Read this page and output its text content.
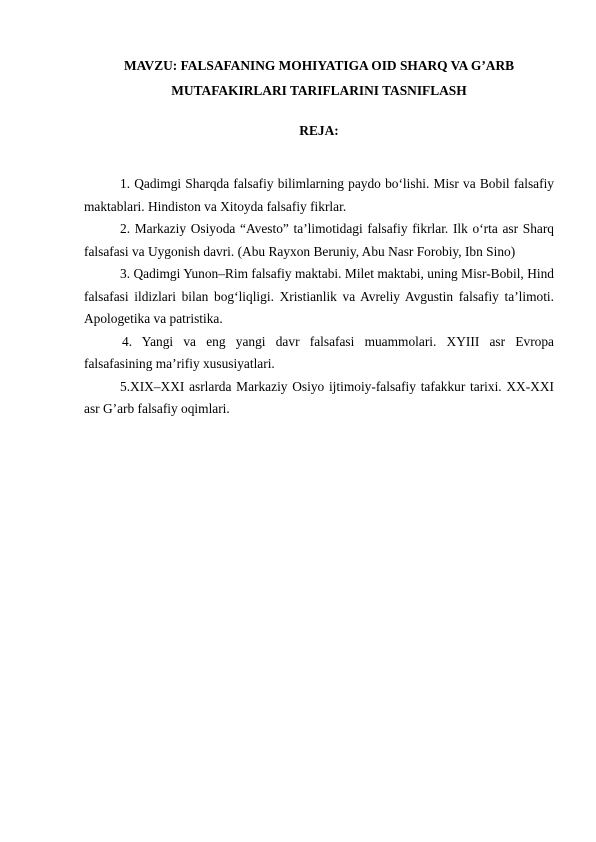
MAVZU: FALSAFANING MOHIYATIGA OID SHARQ VA G’ARB
MUTAFAKIRLARI TARIFLARINI TASNIFLASH
REJA:
1. Qadimgi Sharqda falsafiy bilimlarning paydo bo‘lishi. Misr va Bobil falsafiy maktablari. Hindiston va Xitoyda falsafiy fikrlar.
2. Markaziy Osiyoda “Avesto” ta’limotidagi falsafiy fikrlar. Ilk o‘rta asr Sharq falsafasi va Uygonish davri. (Abu Rayxon Beruniy, Abu Nasr Forobiy, Ibn Sino)
3. Qadimgi Yunon–Rim falsafiy maktabi. Milet maktabi, uning Misr-Bobil, Hind falsafasi ildizlari bilan bog‘liqligi. Xristianlik va Avreliy Avgustin falsafiy ta’limoti. Apologetika va patristika.
4. Yangi va eng yangi davr falsafasi muammolari. XYIII asr Evropa falsafasining ma’rifiy xususiyatlari.
5.XIX–XXI asrlarda Markaziy Osiyo ijtimoiy-falsafiy tafakkur tarixi. XX-XXI asr G’arb falsafiy oqimlari.
